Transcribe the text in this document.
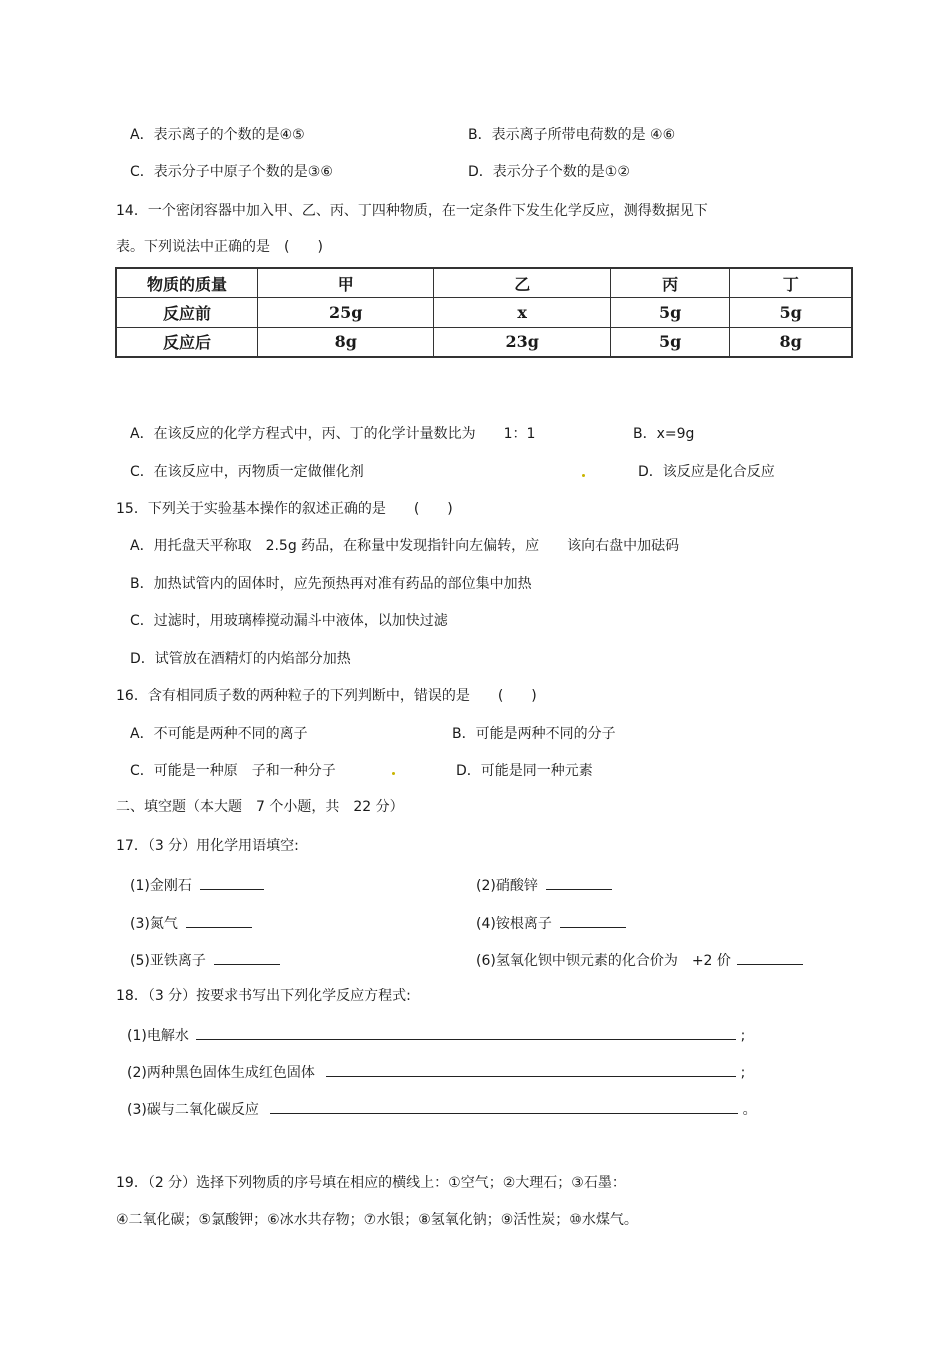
A．表示离子的个数的是④⑤	B．表示离子所带电荷数的是 ④⑥
C．表示分子中原子个数的是③⑥	D．表示分子个数的是①②
14．一个密闭容器中加入甲、乙、丙、丁四种物质，在一定条件下发生化学反应，测得数据见下
表。下列说法中正确的是　(　　)
物质的质量	甲	乙	丙	丁
反应前	25g	x	5g	5g
反应后	8g	23g	5g	8g
A．在该反应的化学方程式中，丙、丁的化学计量数比为　　1：1	B．x=9g
C．在该反应中，丙物质一定做催化剂	D．该反应是化合反应
15．下列关于实验基本操作的叙述正确的是　　(　　)
A．用托盘天平称取　2.5g 药品，在称量中发现指针向左偏转，应　　该向右盘中加砝码
B．加热试管内的固体时，应先预热再对准有药品的部位集中加热
C．过滤时，用玻璃棒搅动漏斗中液体，以加快过滤
D．试管放在酒精灯的内焰部分加热
16．含有相同质子数的两种粒子的下列判断中，错误的是　　(　　)
A．不可能是两种不同的离子	B．可能是两种不同的分子
C．可能是一种原　子和一种分子	D．可能是同一种元素
二、填空题（本大题　7 个小题，共　22 分）
17．（3 分）用化学用语填空:
(1)金刚石	(2)硝酸锌
(3)氮气	(4)铵根离子
(5)亚铁离子	(6)氢氧化钡中钡元素的化合价为　+2 价
18．（3 分）按要求书写出下列化学反应方程式:
(1)电解水	;
(2)两种黑色固体生成红色固体	;
(3)碳与二氧化碳反应	。
19．（2 分）选择下列物质的序号填在相应的横线上：①空气；②大理石；③石墨：
④二氧化碳；⑤氯酸钾；⑥冰水共存物；⑦水银；⑧氢氧化钠；⑨活性炭；⑩水煤气。
